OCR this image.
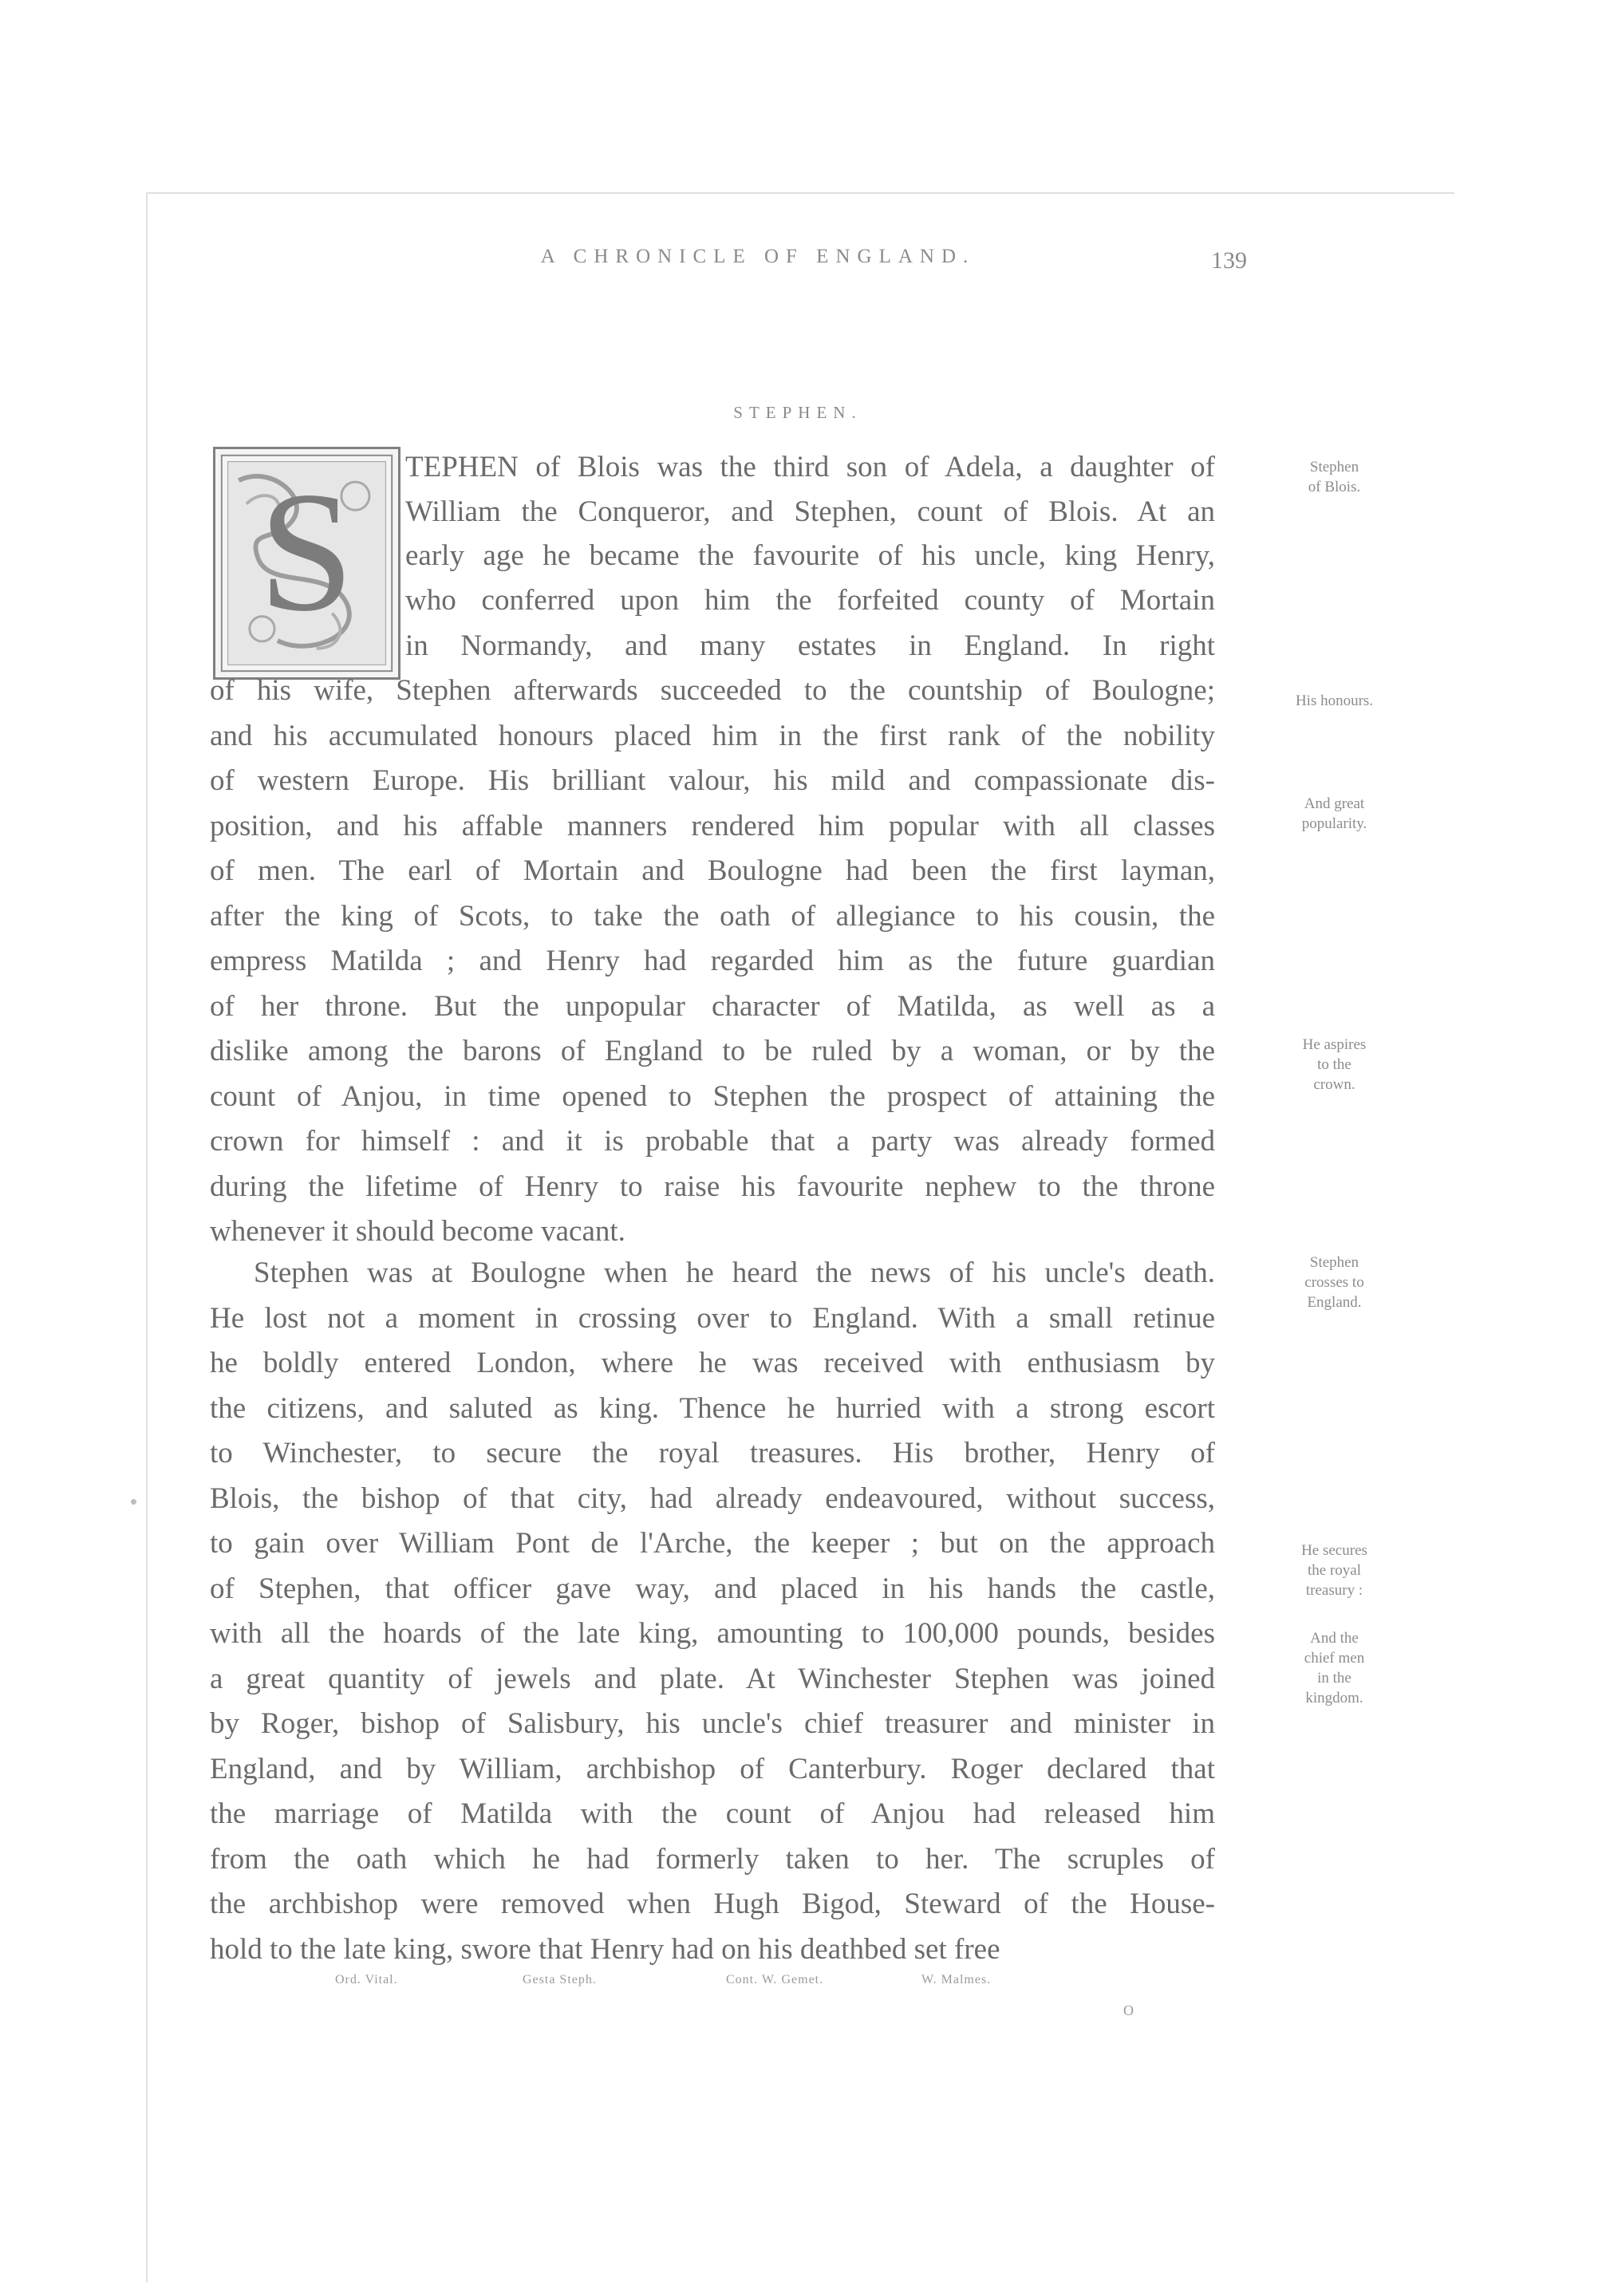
A CHRONICLE OF ENGLAND.	139
STEPHEN.
S TEPHEN of Blois was the third son of Adela, a daughter of
William the Conqueror, and Stephen, count of Blois. At an
early age he became the favourite of his uncle, king Henry,
who conferred upon him the forfeited county of Mortain
in Normandy, and many estates in England. In right
of his wife, Stephen afterwards succeeded to the countship of Boulogne;
and his accumulated honours placed him in the first rank of the nobility
of western Europe. His brilliant valour, his mild and compassionate dis-
position, and his affable manners rendered him popular with all classes
of men. The earl of Mortain and Boulogne had been the first layman,
after the king of Scots, to take the oath of allegiance to his cousin, the
empress Matilda ; and Henry had regarded him as the future guardian
of her throne. But the unpopular character of Matilda, as well as a
dislike among the barons of England to be ruled by a woman, or by the
count of Anjou, in time opened to Stephen the prospect of attaining the
crown for himself : and it is probable that a party was already formed
during the lifetime of Henry to raise his favourite nephew to the throne
whenever it should become vacant.
Stephen was at Boulogne when he heard the news of his uncle's death.
He lost not a moment in crossing over to England. With a small retinue
he boldly entered London, where he was received with enthusiasm by
the citizens, and saluted as king. Thence he hurried with a strong escort
to Winchester, to secure the royal treasures. His brother, Henry of
Blois, the bishop of that city, had already endeavoured, without success,
to gain over William Pont de l'Arche, the keeper ; but on the approach
of Stephen, that officer gave way, and placed in his hands the castle,
with all the hoards of the late king, amounting to 100,000 pounds, besides
a great quantity of jewels and plate. At Winchester Stephen was joined
by Roger, bishop of Salisbury, his uncle's chief treasurer and minister in
England, and by William, archbishop of Canterbury. Roger declared that
the marriage of Matilda with the count of Anjou had released him
from the oath which he had formerly taken to her. The scruples of
the archbishop were removed when Hugh Bigod, Steward of the House-
hold to the late king, swore that Henry had on his deathbed set free
Stephen
of Blois.
His honours.
And great
popularity.
He aspires
to the
crown.
Stephen
crosses to
England.
He secures
the royal
treasury :
And the
chief men
in the
kingdom.
Ord. Vital.	Gesta Steph.	Cont. W. Gemet.	W. Malmes.
O
